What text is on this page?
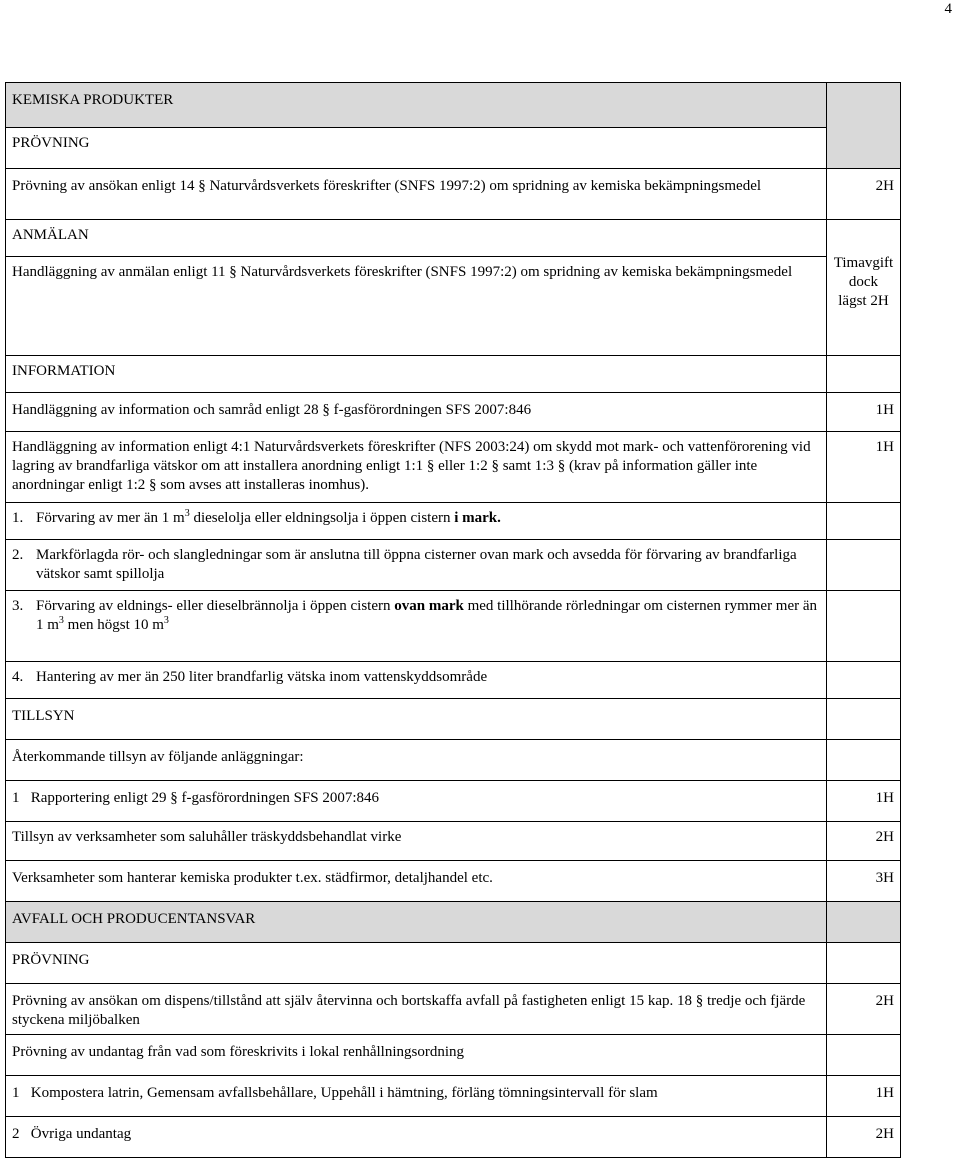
4
KEMISKA PRODUKTER	
PRÖVNING	
Prövning av ansökan enligt 14 § Naturvårdsverkets föreskrifter (SNFS 1997:2) om spridning av kemiska bekämpningsmedel	2H
ANMÄLAN	Timavgift dock lägst 2H
Handläggning av anmälan enligt 11 § Naturvårdsverkets föreskrifter (SNFS 1997:2) om spridning av kemiska bekämpningsmedel	
INFORMATION	
Handläggning av information och samråd enligt 28 § f-gasförordningen SFS 2007:846	1H
Handläggning av information enligt 4:1 Naturvårdsverkets föreskrifter (NFS 2003:24) om skydd mot mark- och vattenförorening vid lagring av brandfarliga vätskor om att installera anordning enligt 1:1 § eller 1:2 § samt 1:3 § (krav på information gäller inte anordningar enligt 1:2 § som avses att installeras inomhus).	1H

1. Förvaring av mer än 1 $m^3$ dieselolja eller eldningsolja i öppen cistern i mark.	

2. Markförlagda rör- och slangledningar som är anslutna till öppna cisterner ovan mark och avsedda för förvaring av brandfarliga vätskor samt spillolja	

3. Förvaring av eldnings- eller dieselbrännolja i öppen cistern ovan mark med tillhörande rörledningar om cisternen rymmer mer än 1 $m^3$ men högst 10 $m^3$

4. Hantering av mer än 250 liter brandfarlig vätska inom vattenskyddsområde	

TILLSYN	
Återkommande tillsyn av följande anläggningar:	
1   Rapportering enligt 29 § f-gasförordningen SFS 2007:846	1H
Tillsyn av verksamheter som saluhåller träskyddsbehandlat virke	2H
Verksamheter som hanterar kemiska produkter t.ex. städfirmor, detaljhandel etc.	3H
AVFALL OCH PRODUCENTANSVAR	
PRÖVNING	
Prövning av ansökan om dispens/tillstånd att själv återvinna och bortskaffa avfall på fastigheten enligt 15 kap. 18 § tredje och fjärde styckena miljöbalken	2H
Prövning av undantag från vad som föreskrivits i lokal renhållningsordning	
1   Kompostera latrin, Gemensam avfallsbehållare, Uppehåll i hämtning, förläng tömningsintervall för slam	1H
2   Övriga undantag	2H
